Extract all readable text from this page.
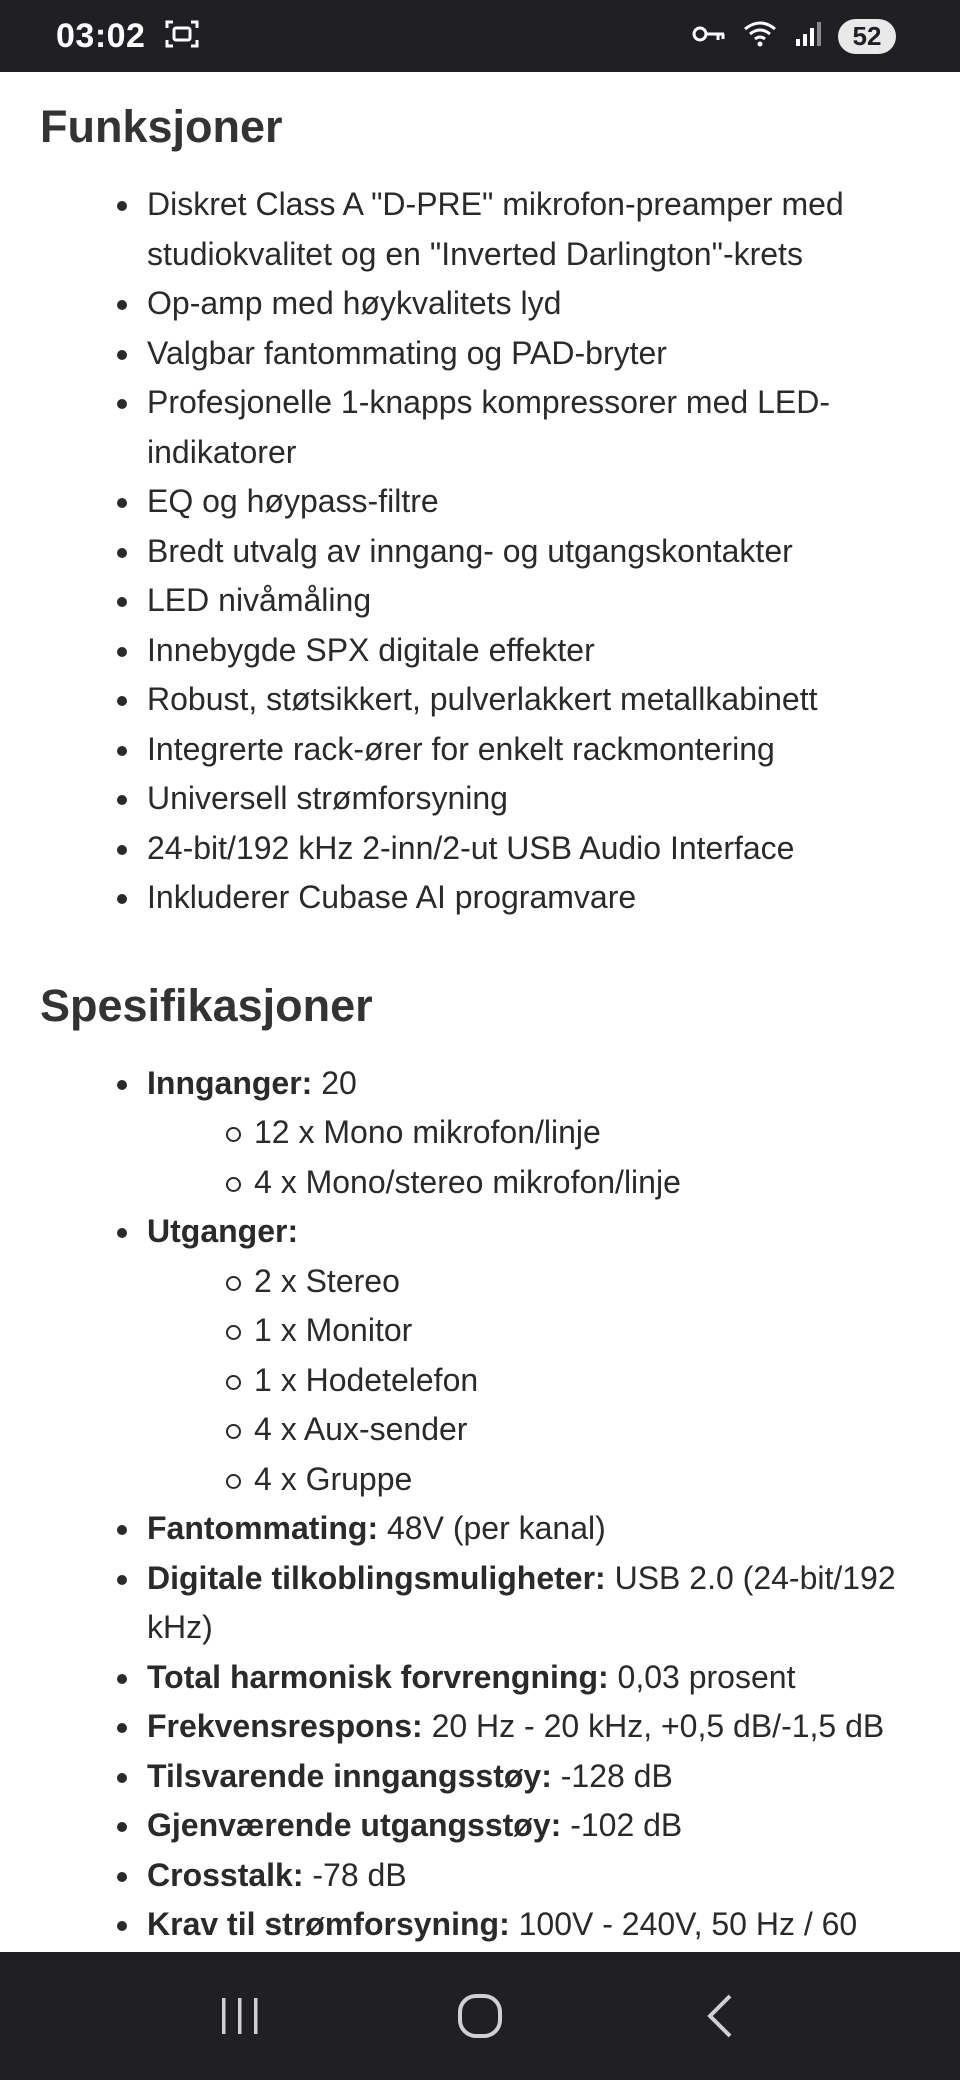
03:02	52
Funksjoner
Diskret Class A "D-PRE" mikrofon-preamper med studiokvalitet og en "Inverted Darlington"-krets
Op-amp med høykvalitets lyd
Valgbar fantommating og PAD-bryter
Profesjonelle 1-knapps kompressorer med LED-indikatorer
EQ og høypass-filtre
Bredt utvalg av inngang- og utgangskontakter
LED nivåmåling
Innebygde SPX digitale effekter
Robust, støtsikkert, pulverlakkert metallkabinett
Integrerte rack-ører for enkelt rackmontering
Universell strømforsyning
24-bit/192 kHz 2-inn/2-ut USB Audio Interface
Inkluderer Cubase AI programvare
Spesifikasjoner
Innganger: 20
12 x Mono mikrofon/linje
4 x Mono/stereo mikrofon/linje
Utganger:
2 x Stereo
1 x Monitor
1 x Hodetelefon
4 x Aux-sender
4 x Gruppe
Fantommating: 48V (per kanal)
Digitale tilkoblingsmuligheter: USB 2.0 (24-bit/192 kHz)
Total harmonisk forvrengning: 0,03 prosent
Frekvensrespons: 20 Hz - 20 kHz, +0,5 dB/-1,5 dB
Tilsvarende inngangsstøy: -128 dB
Gjenværende utgangsstøy: -102 dB
Crosstalk: -78 dB
Krav til strømforsyning: 100V - 240V, 50 Hz / 60
